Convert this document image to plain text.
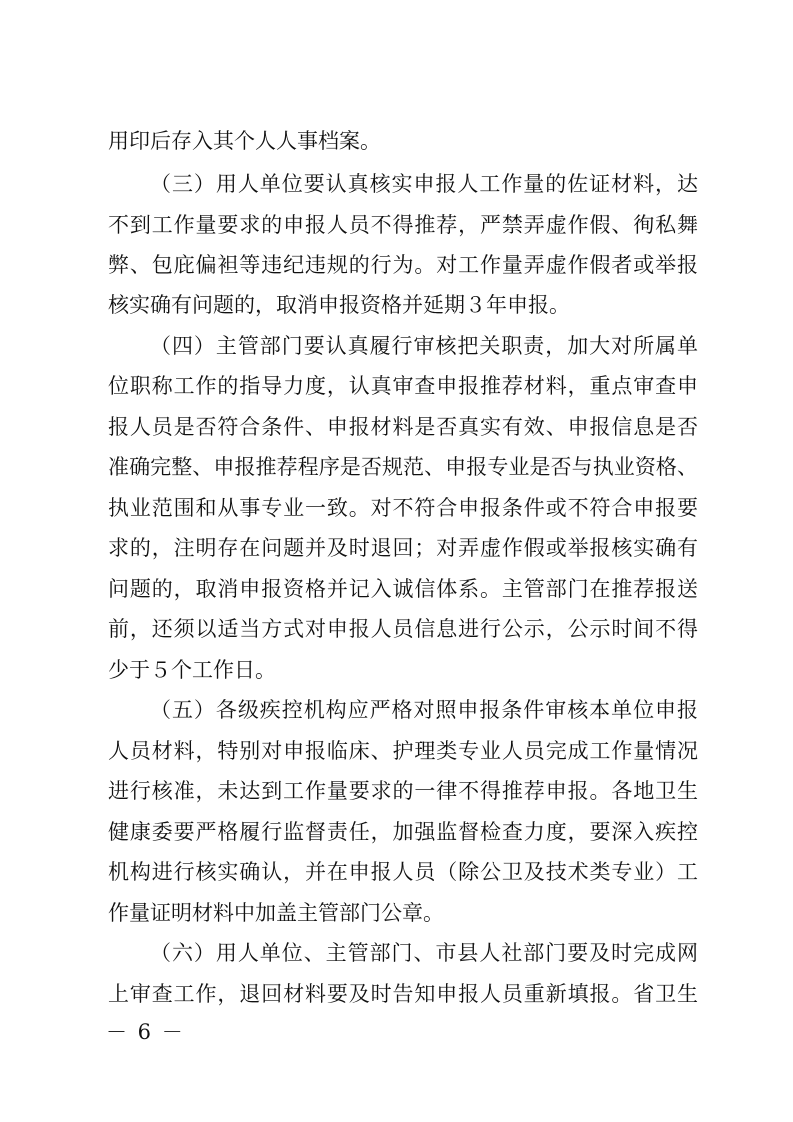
用印后存入其个人人事档案。
（三）用人单位要认真核实申报人工作量的佐证材料，达
不到工作量要求的申报人员不得推荐，严禁弄虚作假、徇私舞
弊、包庇偏袒等违纪违规的行为。对工作量弄虚作假者或举报
核实确有问题的，取消申报资格并延期３年申报。
（四）主管部门要认真履行审核把关职责，加大对所属单
位职称工作的指导力度，认真审查申报推荐材料，重点审查申
报人员是否符合条件、申报材料是否真实有效、申报信息是否
准确完整、申报推荐程序是否规范、申报专业是否与执业资格、
执业范围和从事专业一致。对不符合申报条件或不符合申报要
求的，注明存在问题并及时退回；对弄虚作假或举报核实确有
问题的，取消申报资格并记入诚信体系。主管部门在推荐报送
前，还须以适当方式对申报人员信息进行公示，公示时间不得
少于５个工作日。
（五）各级疾控机构应严格对照申报条件审核本单位申报
人员材料，特别对申报临床、护理类专业人员完成工作量情况
进行核准，未达到工作量要求的一律不得推荐申报。各地卫生
健康委要严格履行监督责任，加强监督检查力度，要深入疾控
机构进行核实确认，并在申报人员（除公卫及技术类专业）工
作量证明材料中加盖主管部门公章。
（六）用人单位、主管部门、市县人社部门要及时完成网
上审查工作，退回材料要及时告知申报人员重新填报。省卫生
－ 6 －
